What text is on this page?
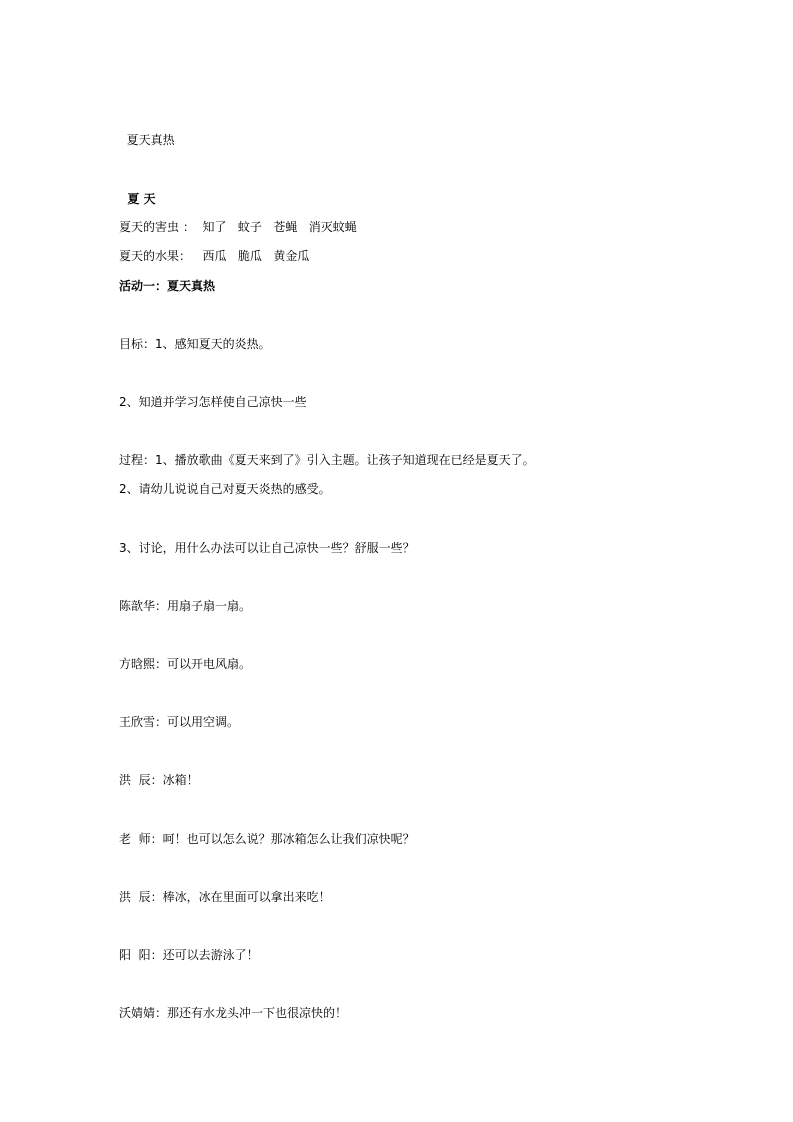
夏天真热
夏 天
夏天的害虫 ：  知了   蚊子   苍蝇   消灭蚊蝇
夏天的水果：   西瓜   脆瓜   黄金瓜
活动一：夏天真热
目标：1、感知夏天的炎热。
2、知道并学习怎样使自己凉快一些
过程：1、播放歌曲《夏天来到了》引入主题。让孩子知道现在已经是夏天了。
2、请幼儿说说自己对夏天炎热的感受。
3、讨论，用什么办法可以让自己凉快一些？舒服一些？
陈歆华：用扇子扇一扇。
方晗熙：可以开电风扇。
王欣雪：可以用空调。
洪  辰：冰箱！
老  师：呵！也可以怎么说？那冰箱怎么让我们凉快呢？
洪  辰：棒冰，冰在里面可以拿出来吃！
阳  阳：还可以去游泳了！
沃婧婧：那还有水龙头冲一下也很凉快的！
